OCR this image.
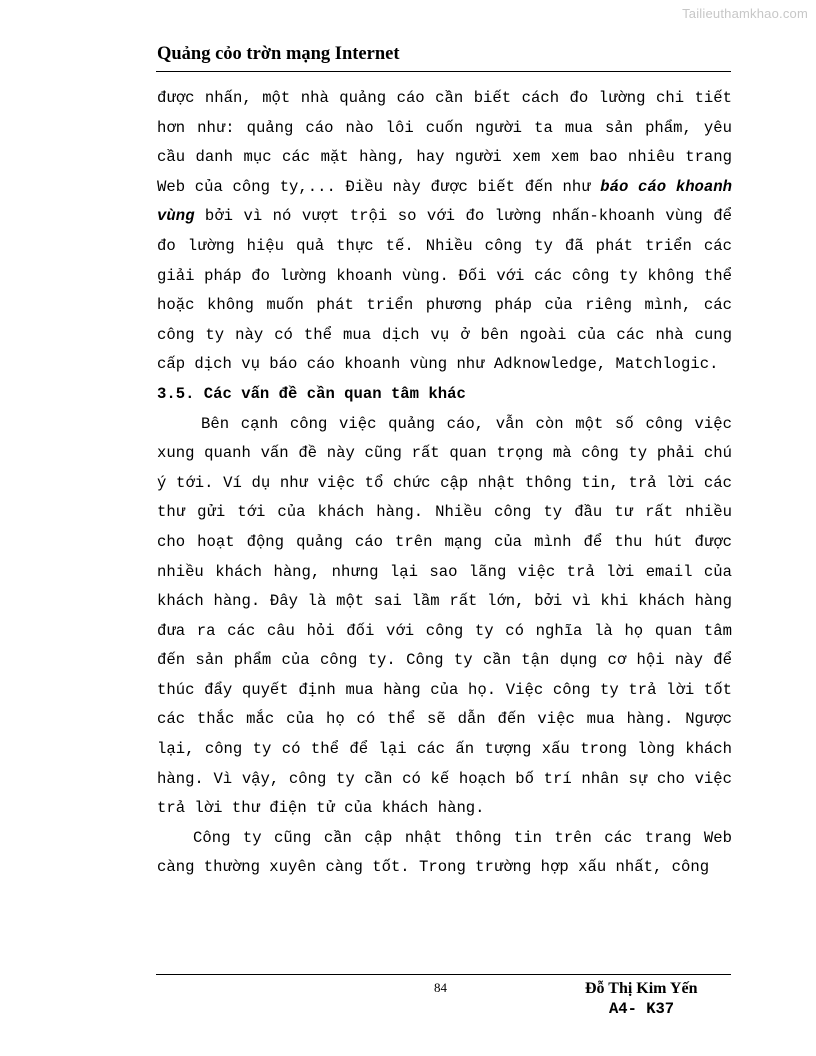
Tailieuthamkhao.com
Quảng cỏo trờn mạng Internet

được nhấn, một nhà quảng cáo cần biết cách đo lường chi tiết hơn như: quảng cáo nào lôi cuốn người ta mua sản phẩm, yêu cầu danh mục các mặt hàng, hay người xem xem bao nhiêu trang Web của công ty,... Điều này được biết đến như báo cáo khoanh vùng bởi vì nó vượt trội so với đo lường nhấn-khoanh vùng để đo lường hiệu quả thực tế. Nhiều công ty đã phát triển các giải pháp đo lường khoanh vùng. Đối với các công ty không thể hoặc không muốn phát triển phương pháp của riêng mình, các công ty này có thể mua dịch vụ ở bên ngoài của các nhà cung cấp dịch vụ báo cáo khoanh vùng như Adknowledge, Matchlogic.

3.5. Các vấn đề cần quan tâm khác

Bên cạnh công việc quảng cáo, vẫn còn một số công việc xung quanh vấn đề này cũng rất quan trọng mà công ty phải chú ý tới. Ví dụ như việc tổ chức cập nhật thông tin, trả lời các thư gửi tới của khách hàng. Nhiều công ty đầu tư rất nhiều cho hoạt động quảng cáo trên mạng của mình để thu hút được nhiều khách hàng, nhưng lại sao lãng việc trả lời email của khách hàng. Đây là một sai lầm rất lớn, bởi vì khi khách hàng đưa ra các câu hỏi đối với công ty có nghĩa là họ quan tâm đến sản phẩm của công ty. Công ty cần tận dụng cơ hội này để thúc đẩy quyết định mua hàng của họ. Việc công ty trả lời tốt các thắc mắc của họ có thể sẽ dẫn đến việc mua hàng. Ngược lại, công ty có thể để lại các ấn tượng xấu trong lòng khách hàng. Vì vậy, công ty cần có kế hoạch bố trí nhân sự cho việc trả lời thư điện tử của khách hàng.

Công ty cũng cần cập nhật thông tin trên các trang Web càng thường xuyên càng tốt. Trong trường hợp xấu nhất, công

84	Đỗ Thị Kim Yến
A4- K37
